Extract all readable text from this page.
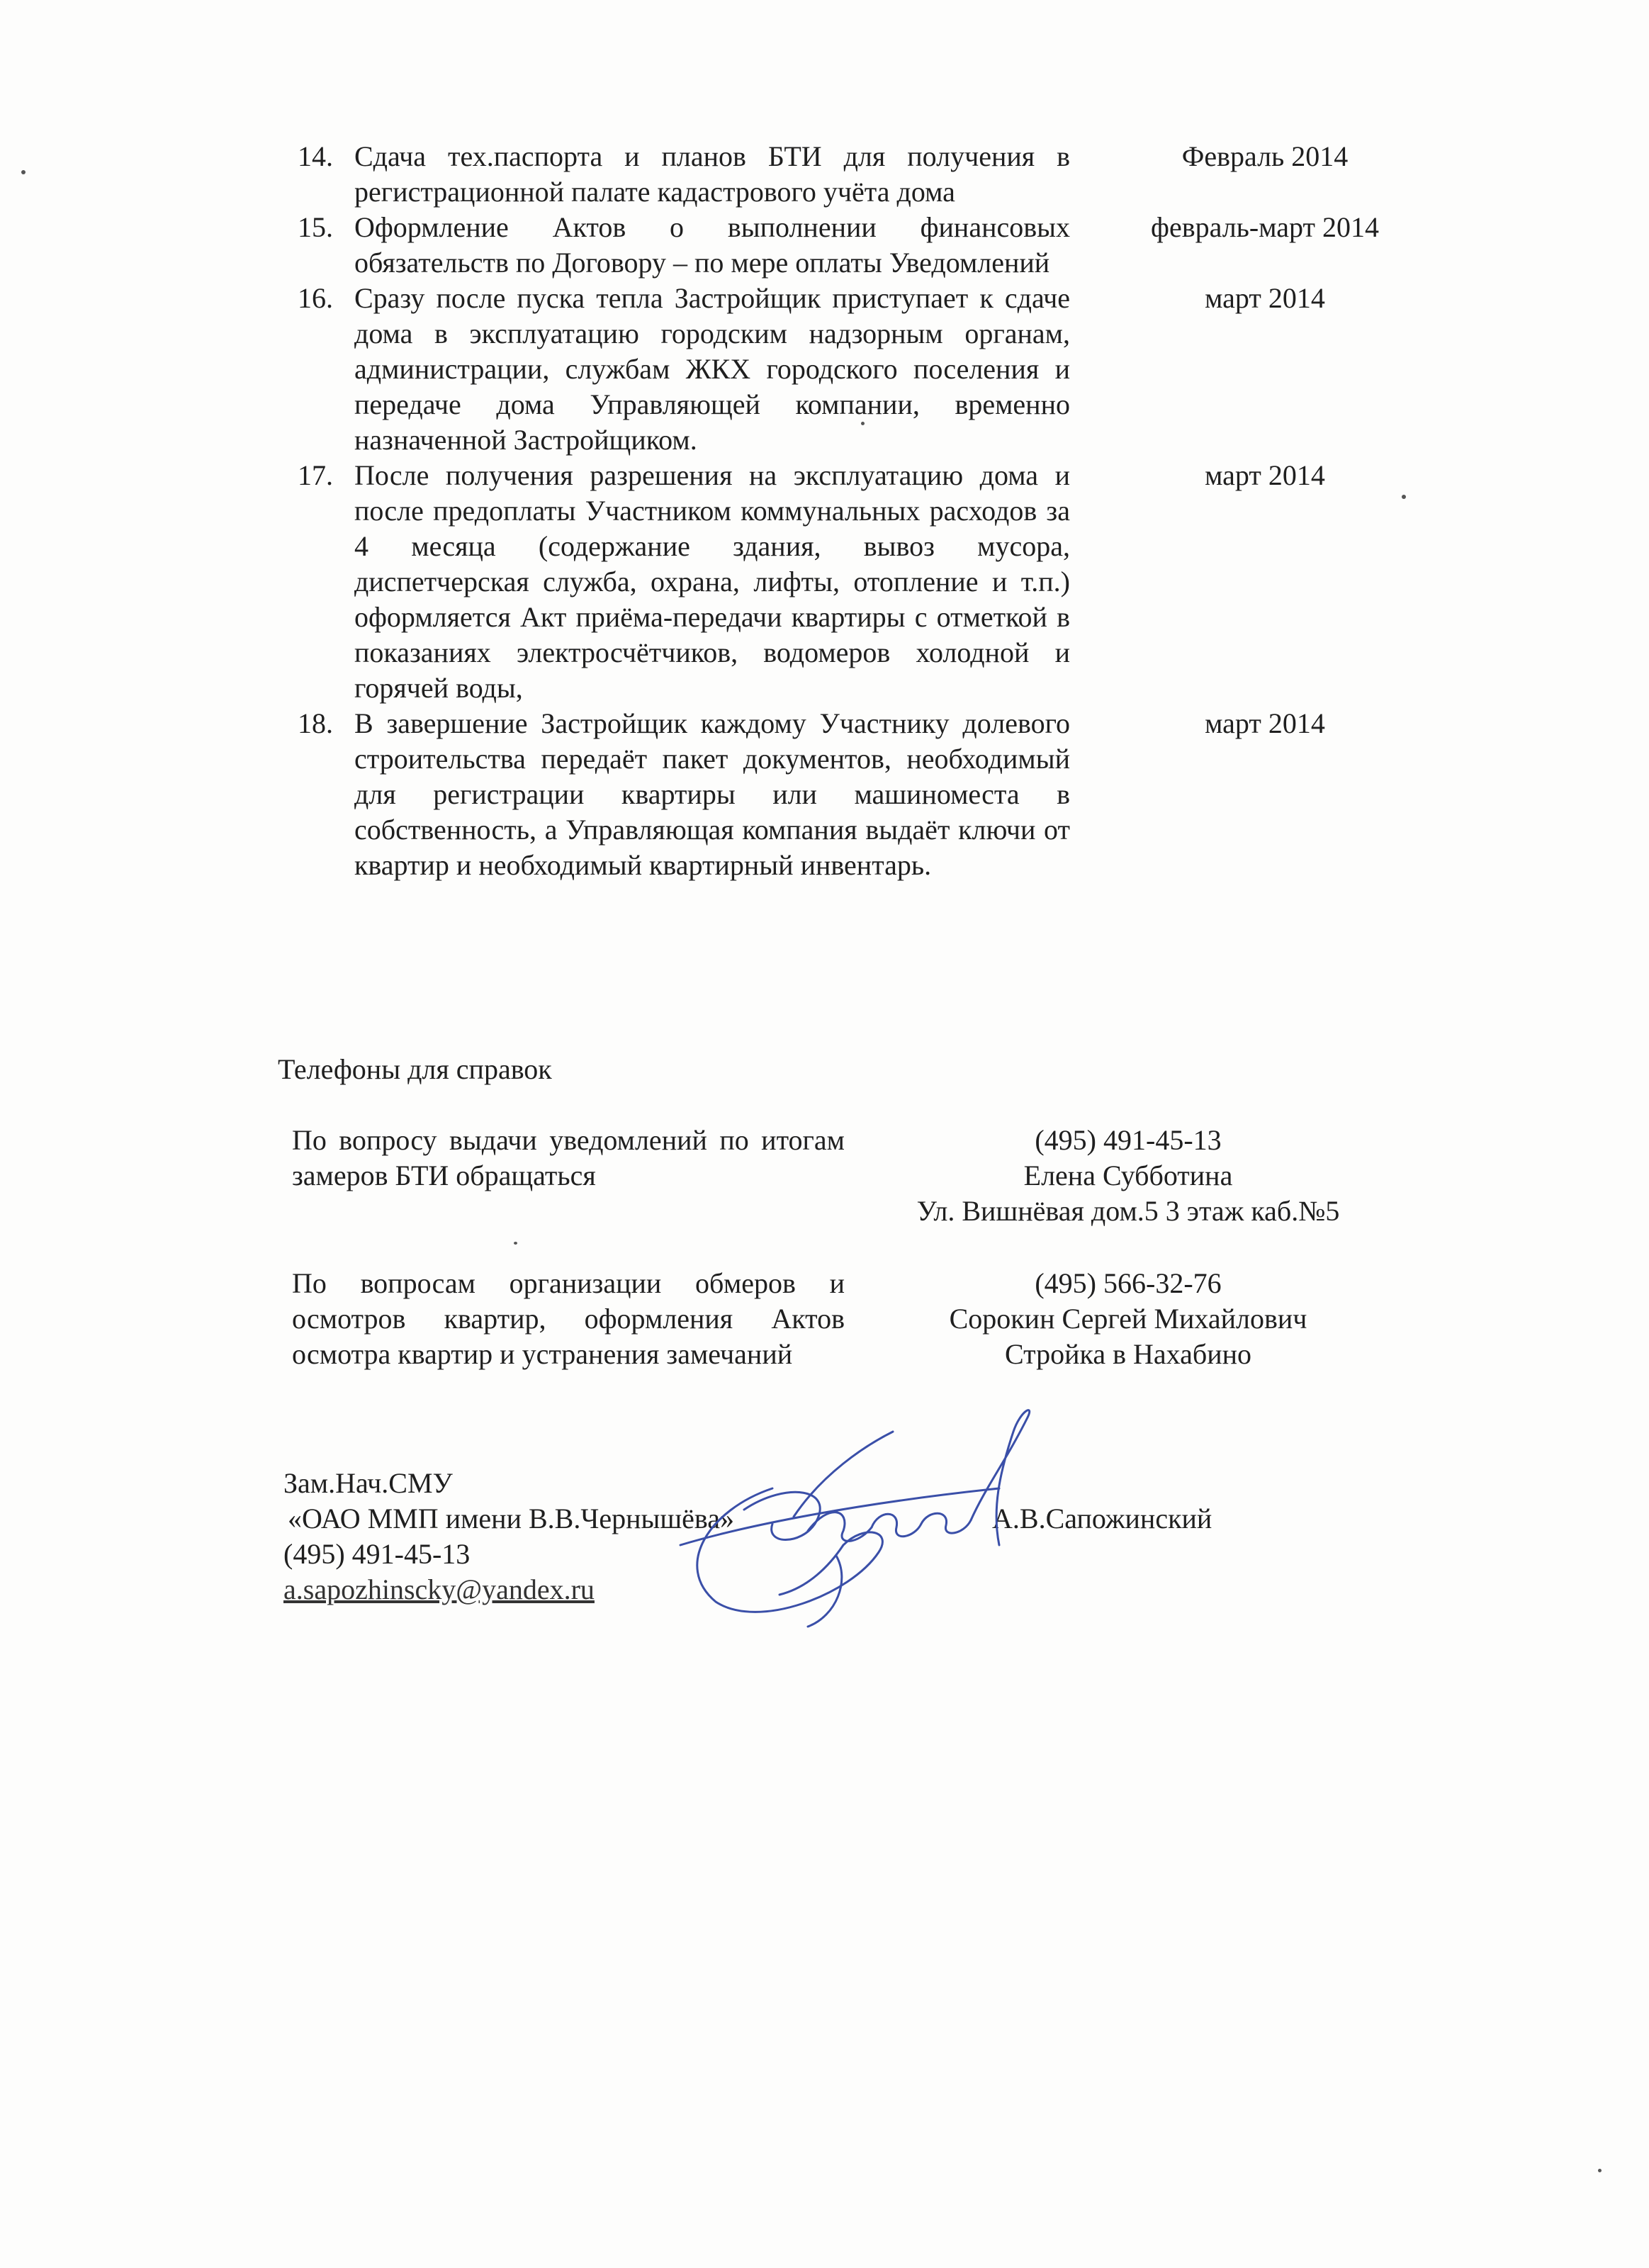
14. Сдача тех.паспорта и планов БТИ для получения в регистрационной палате кадастрового учёта дома
Февраль 2014
15. Оформление Актов о выполнении финансовых обязательств по Договору – по мере оплаты Уведомлений
февраль-март 2014
16. Сразу после пуска тепла Застройщик приступает к сдаче дома в эксплуатацию городским надзорным органам, администрации, службам ЖКХ городского поселения и передаче дома Управляющей компании, временно назначенной Застройщиком.
март 2014
17. После получения разрешения на эксплуатацию дома и после предоплаты Участником коммунальных расходов за 4 месяца (содержание здания, вывоз мусора, диспетчерская служба, охрана, лифты, отопление и т.п.) оформляется Акт приёма-передачи квартиры с отметкой в показаниях электросчётчиков, водомеров холодной и горячей воды,
март 2014
18. В завершение Застройщик каждому Участнику долевого строительства передаёт пакет документов, необходимый для регистрации квартиры или машиноместа в собственность, а Управляющая компания выдаёт ключи от квартир и необходимый квартирный инвентарь.
март 2014
Телефоны для справок
По вопросу выдачи уведомлений по итогам замеров БТИ обращаться
(495) 491-45-13
Елена Субботина
Ул. Вишнёвая дом.5 3 этаж каб.№5
По вопросам организации обмеров и осмотров квартир, оформления Актов осмотра квартир и устранения замечаний
(495) 566-32-76
Сорокин Сергей Михайлович
Стройка в Нахабино
Зам.Нач.СМУ
«ОАО ММП имени В.В.Чернышёва»
(495) 491-45-13
a.sapozhinscky@yandex.ru
А.В.Сапожинский
